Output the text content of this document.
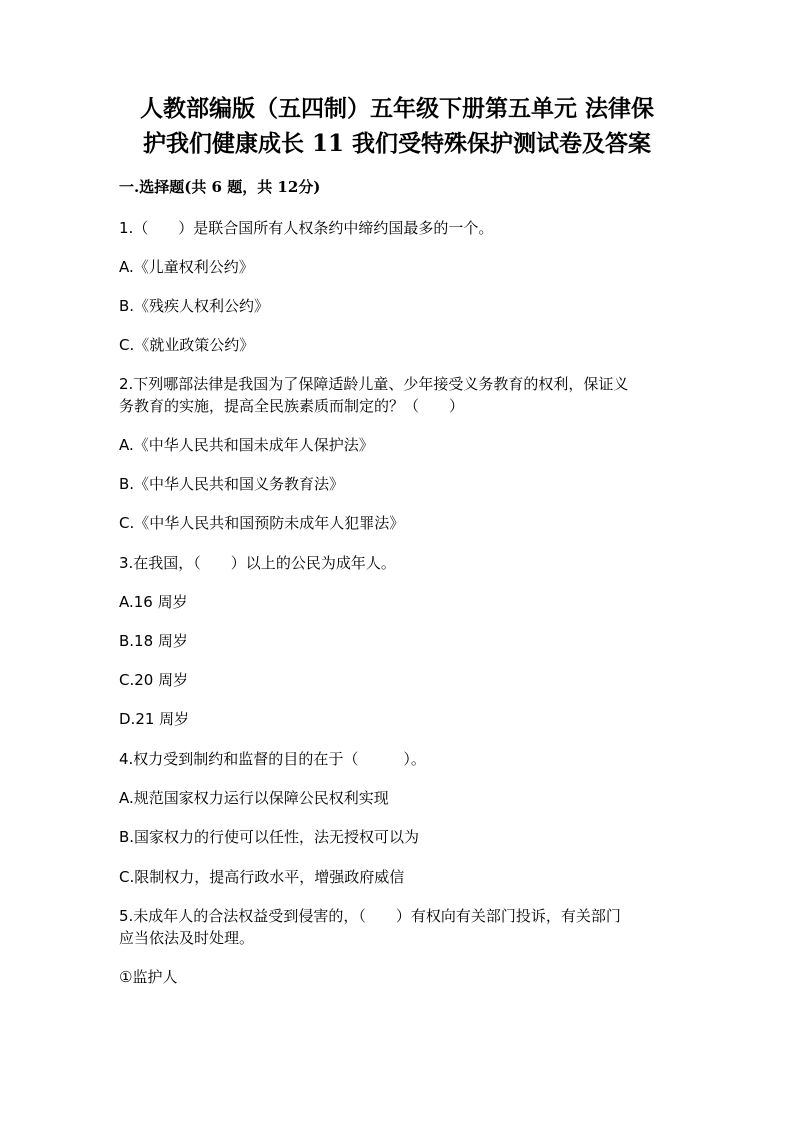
人教部编版（五四制）五年级下册第五单元 法律保
护我们健康成长 11 我们受特殊保护测试卷及答案
一.选择题(共 6 题，共 12分)
1.（　　）是联合国所有人权条约中缔约国最多的一个。
A.《儿童权利公约》
B.《残疾人权利公约》
C.《就业政策公约》
2.下列哪部法律是我国为了保障适龄儿童、少年接受义务教育的权利，保证义
务教育的实施，提高全民族素质而制定的？（　　）
A.《中华人民共和国未成年人保护法》
B.《中华人民共和国义务教育法》
C.《中华人民共和国预防未成年人犯罪法》
3.在我国，（　　）以上的公民为成年人。
A.16 周岁
B.18 周岁
C.20 周岁
D.21 周岁
4.权力受到制约和监督的目的在于（　　　）。
A.规范国家权力运行以保障公民权利实现
B.国家权力的行使可以任性，法无授权可以为
C.限制权力，提高行政水平，增强政府威信
5.未成年人的合法权益受到侵害的，（　　）有权向有关部门投诉，有关部门
应当依法及时处理。
①监护人
